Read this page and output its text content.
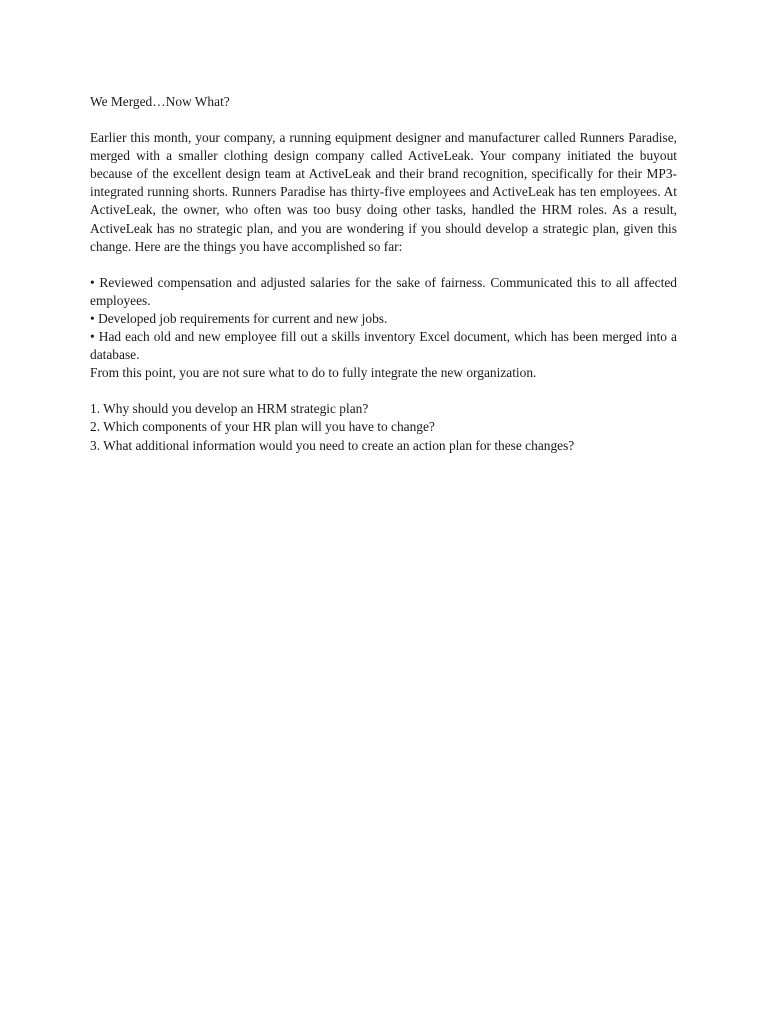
We Merged…Now What?

Earlier this month, your company, a running equipment designer and manufacturer called Runners Paradise, merged with a smaller clothing design company called ActiveLeak. Your company initiated the buyout because of the excellent design team at ActiveLeak and their brand recognition, specifically for their MP3-integrated running shorts. Runners Paradise has thirty-five employees and ActiveLeak has ten employees. At ActiveLeak, the owner, who often was too busy doing other tasks, handled the HRM roles. As a result, ActiveLeak has no strategic plan, and you are wondering if you should develop a strategic plan, given this change. Here are the things you have accomplished so far:

• Reviewed compensation and adjusted salaries for the sake of fairness. Communicated this to all affected employees.
• Developed job requirements for current and new jobs.
• Had each old and new employee fill out a skills inventory Excel document, which has been merged into a database.

From this point, you are not sure what to do to fully integrate the new organization.

1. Why should you develop an HRM strategic plan?
2. Which components of your HR plan will you have to change?
3. What additional information would you need to create an action plan for these changes?
